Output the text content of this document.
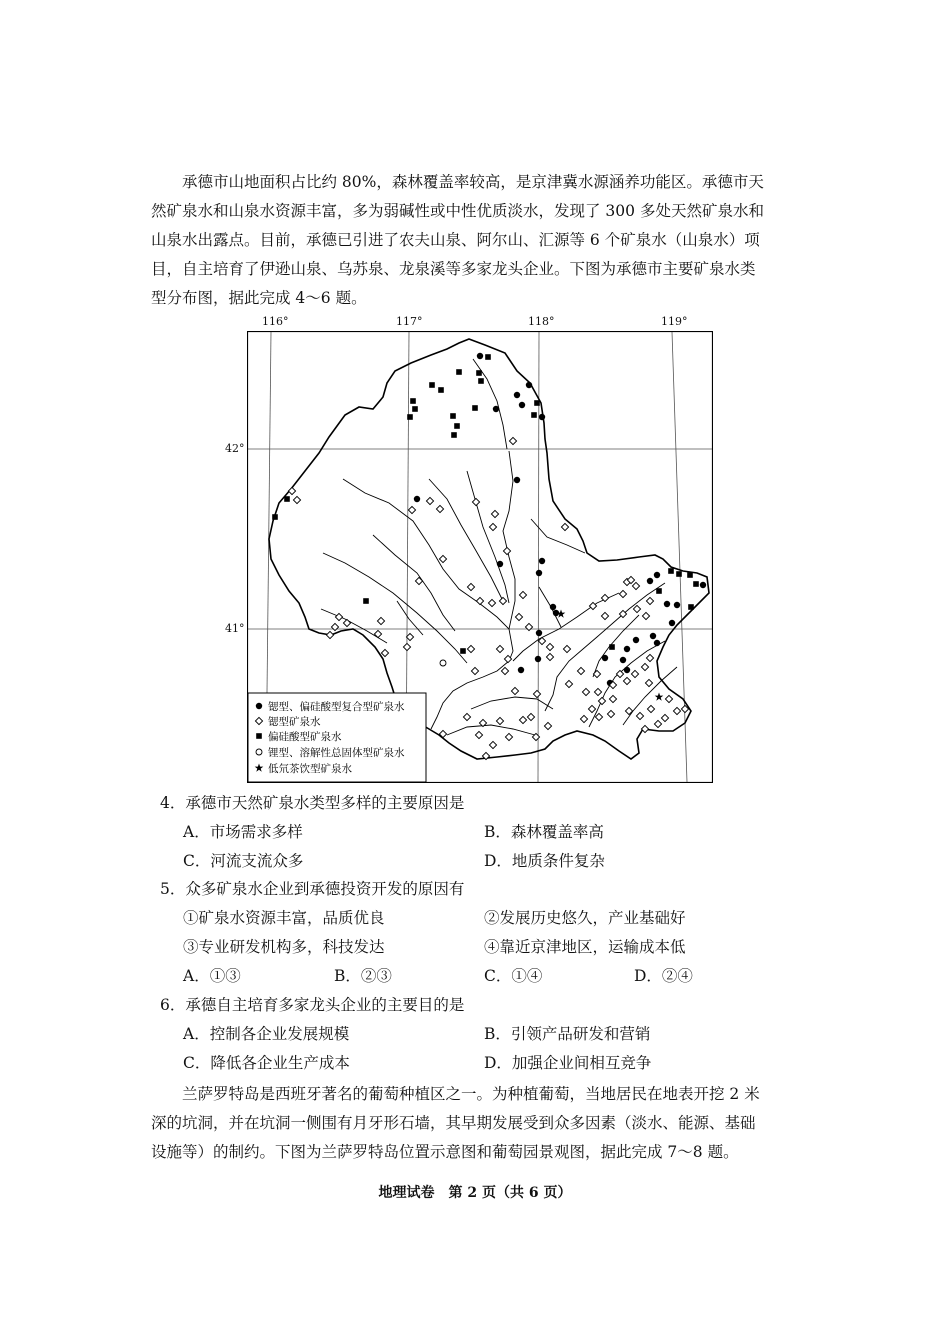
承德市山地面积占比约 80%，森林覆盖率较高，是京津冀水源涵养功能区。承德市天

然矿泉水和山泉水资源丰富，多为弱碱性或中性优质淡水，发现了 300 多处天然矿泉水和

山泉水出露点。目前，承德已引进了农夫山泉、阿尔山、汇源等 6 个矿泉水（山泉水）项

目，自主培育了伊逊山泉、乌苏泉、龙泉溪等多家龙头企业。下图为承德市主要矿泉水类

型分布图，据此完成 4～6 题。

锶型、偏硅酸型复合型矿泉水
锶型矿泉水
偏硅酸型矿泉水
锂型、溶解性总固体型矿泉水
低氘茶饮型矿泉水
116°	117°	118°	119°
42°
41°
4．承德市天然矿泉水类型多样的主要原因是
A．市场需求多样	B．森林覆盖率高
C．河流支流众多	D．地质条件复杂
5．众多矿泉水企业到承德投资开发的原因有
①矿泉水资源丰富，品质优良	②发展历史悠久，产业基础好
③专业研发机构多，科技发达	④靠近京津地区，运输成本低
A．①③	B．②③	C．①④	D．②④
6．承德自主培育多家龙头企业的主要目的是
A．控制各企业发展规模	B．引领产品研发和营销
C．降低各企业生产成本	D．加强企业间相互竞争

兰萨罗特岛是西班牙著名的葡萄种植区之一。为种植葡萄，当地居民在地表开挖 2 米

深的坑洞，并在坑洞一侧围有月牙形石墙，其早期发展受到众多因素（淡水、能源、基础

设施等）的制约。下图为兰萨罗特岛位置示意图和葡萄园景观图，据此完成 7～8 题。

地理试卷　第 2 页（共 6 页）
